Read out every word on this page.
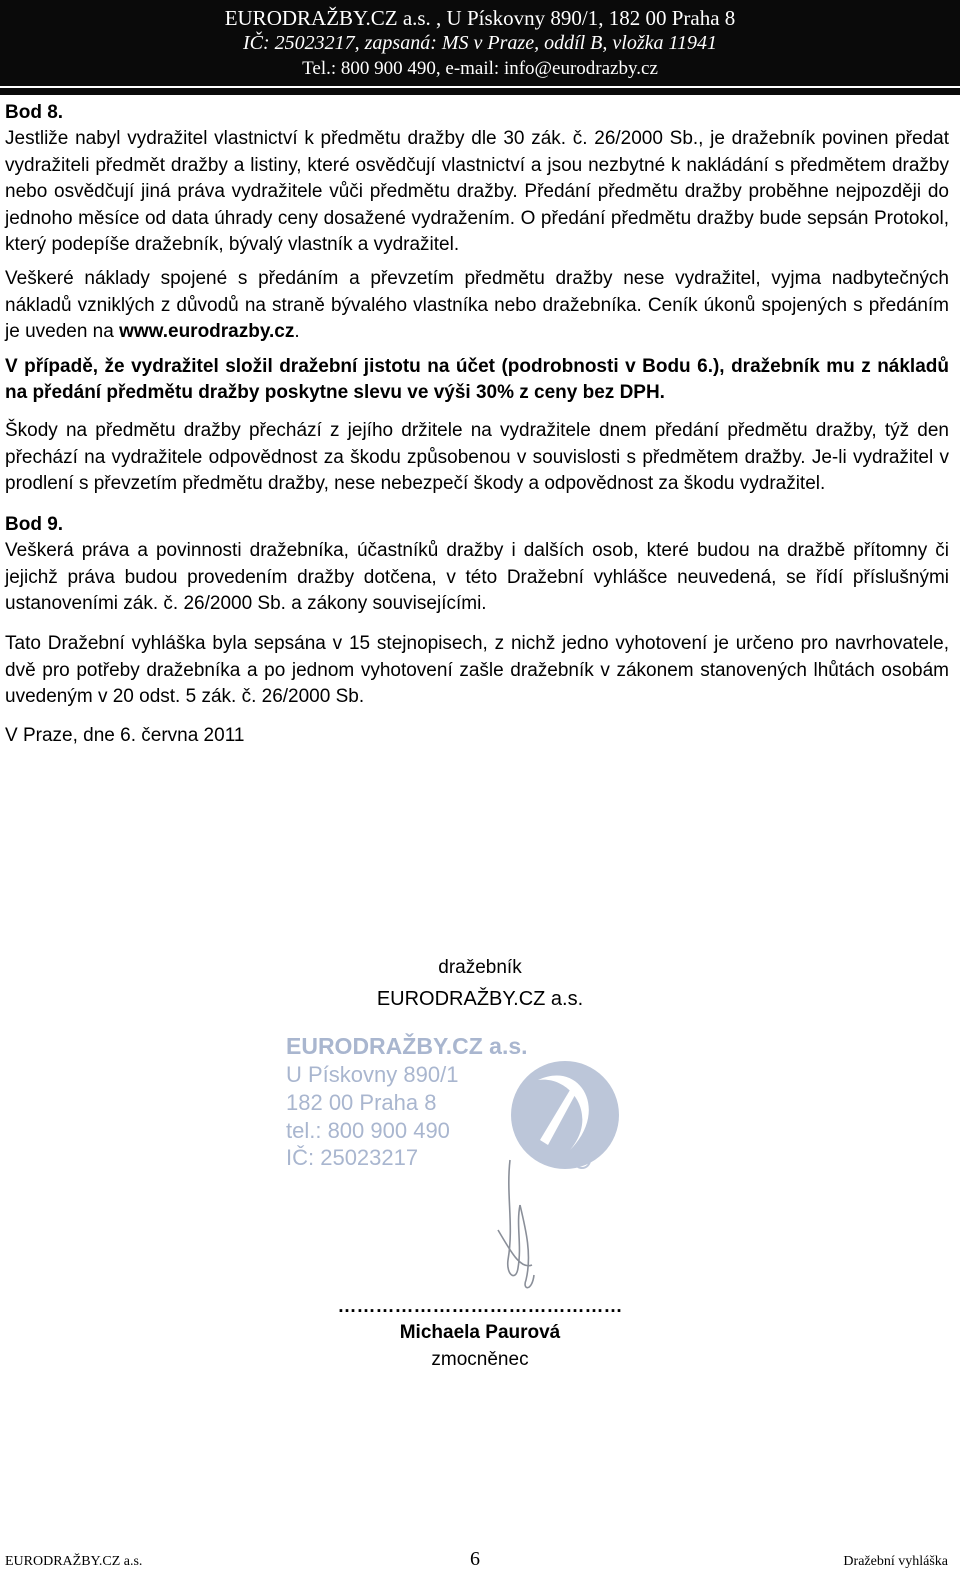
EURODRAŽBY.CZ a.s. , U Pískovny 890/1, 182 00 Praha 8
IČ: 25023217, zapsaná: MS v Praze, oddíl B, vložka 11941
Tel.: 800 900 490, e-mail: info@eurodrazby.cz

Bod 8.

Jestliže nabyl vydražitel vlastnictví k předmětu dražby dle 30 zák. č. 26/2000 Sb., je dražebník povinen předat vydražiteli předmět dražby a listiny, které osvědčují vlastnictví a jsou nezbytné k nakládání s předmětem dražby nebo osvědčují jiná práva vydražitele vůči předmětu dražby. Předání předmětu dražby proběhne nejpozději do jednoho měsíce od data úhrady ceny dosažené vydražením. O předání předmětu dražby bude sepsán Protokol, který podepíše dražebník, bývalý vlastník a vydražitel.

Veškeré náklady spojené s předáním a převzetím předmětu dražby nese vydražitel, vyjma nadbytečných nákladů vzniklých z důvodů na straně bývalého vlastníka nebo dražebníka. Ceník úkonů spojených s předáním je uveden na www.eurodrazby.cz.

V případě, že vydražitel složil dražební jistotu na účet (podrobnosti v Bodu 6.), dražebník mu z nákladů na předání předmětu dražby poskytne slevu ve výši 30% z ceny bez DPH.

Škody na předmětu dražby přechází z jejího držitele na vydražitele dnem předání předmětu dražby, týž den přechází na vydražitele odpovědnost za škodu způsobenou v souvislosti s předmětem dražby. Je-li vydražitel v prodlení s převzetím předmětu dražby, nese nebezpečí škody a odpovědnost za škodu vydražitel.

Bod 9.

Veškerá práva a povinnosti dražebníka, účastníků dražby i dalších osob, které budou na dražbě přítomny či jejichž práva budou provedením dražby dotčena, v této Dražební vyhlášce neuvedená, se řídí příslušnými ustanoveními zák. č. 26/2000 Sb. a zákony souvisejícími.

Tato Dražební vyhláška byla sepsána v 15 stejnopisech, z nichž jedno vyhotovení je určeno pro navrhovatele, dvě pro potřeby dražebníka a po jednom vyhotovení zašle dražebník v zákonem stanovených lhůtách osobám uvedeným v 20 odst. 5 zák. č. 26/2000 Sb.

V Praze, dne 6. června 2011

dražebník
EURODRAŽBY.CZ a.s.
EURODRAŽBY.CZ a.s.
U Pískovny 890/1
182 00 Praha 8
tel.: 800 900 490
IČ: 25023217
………………………………………
Michaela Paurová
zmocněnec
EURODRAŽBY.CZ a.s.	6	Dražební vyhláška
